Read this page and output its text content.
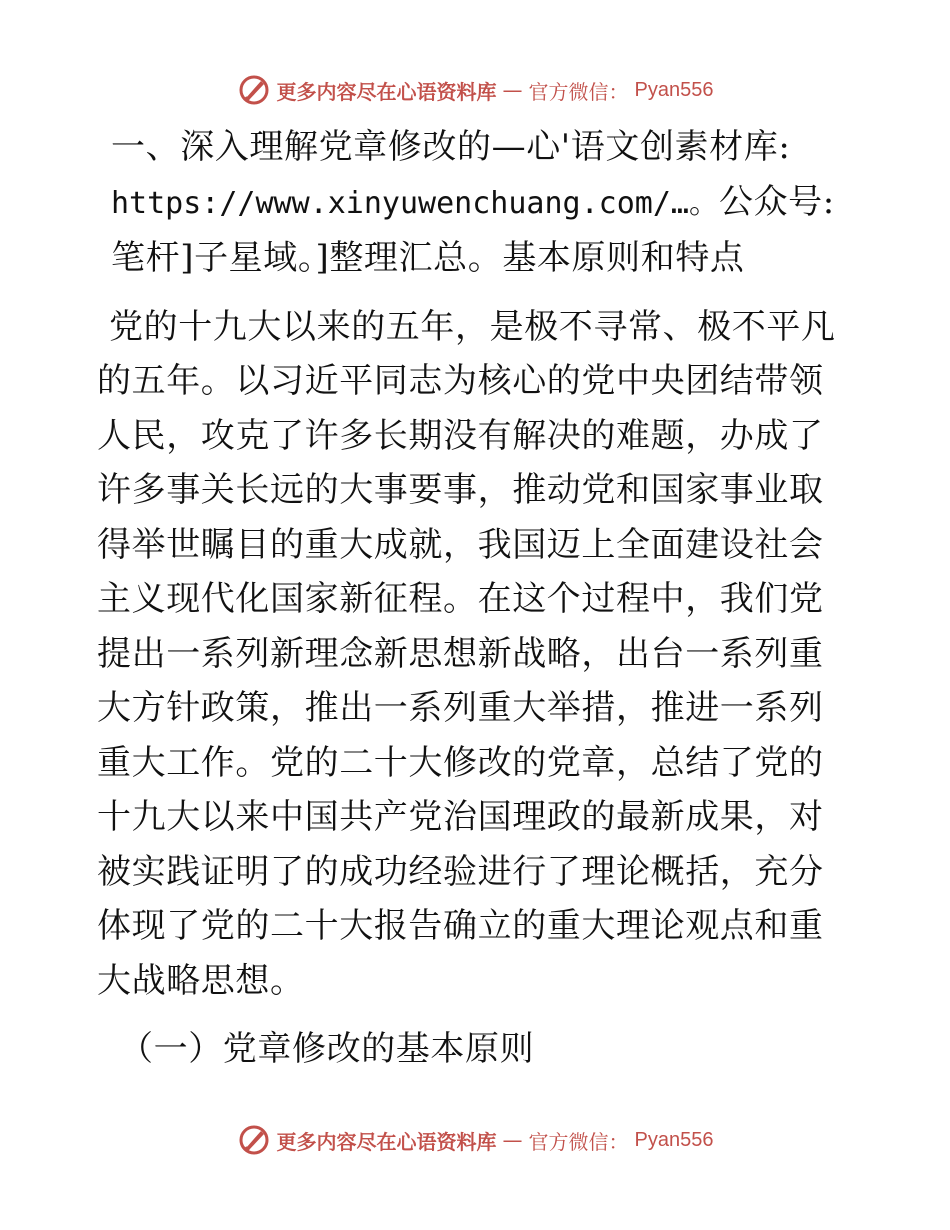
更多内容尽在心语资料库 — 官方微信： Pyan556

一、深入理解党章修改的—心'语文创素材库:
https://www.xinyuwenchuang.com/…。公众号:
笔杆]子星域。]整理汇总。基本原则和特点

党的十九大以来的五年，是极不寻常、极不平凡的五年。以习近平同志为核心的党中央团结带领人民，攻克了许多长期没有解决的难题，办成了许多事关长远的大事要事，推动党和国家事业取得举世瞩目的重大成就，我国迈上全面建设社会主义现代化国家新征程。在这个过程中，我们党提出一系列新理念新思想新战略，出台一系列重大方针政策，推出一系列重大举措，推进一系列重大工作。党的二十大修改的党章，总结了党的十九大以来中国共产党治国理政的最新成果，对被实践证明了的成功经验进行了理论概括，充分体现了党的二十大报告确立的重大理论观点和重大战略思想。

（一）党章修改的基本原则

更多内容尽在心语资料库 — 官方微信： Pyan556
